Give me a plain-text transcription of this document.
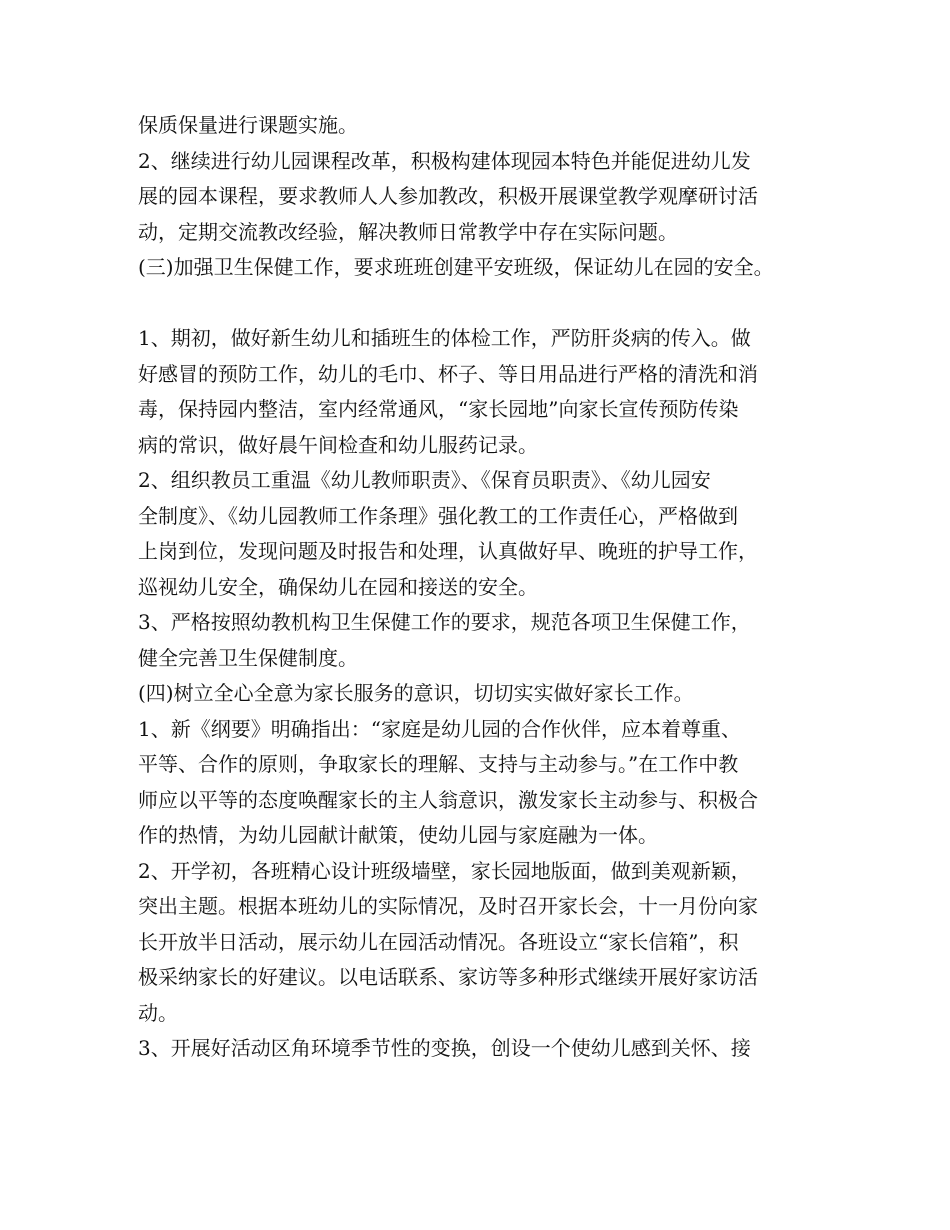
保质保量进行课题实施。
2、继续进行幼儿园课程改革，积极构建体现园本特色并能促进幼儿发
展的园本课程，要求教师人人参加教改，积极开展课堂教学观摩研讨活
动，定期交流教改经验，解决教师日常教学中存在实际问题。
(三)加强卫生保健工作，要求班班创建平安班级，保证幼儿在园的安全。
1、期初，做好新生幼儿和插班生的体检工作，严防肝炎病的传入。做
好感冒的预防工作，幼儿的毛巾、杯子、等日用品进行严格的清洗和消
毒，保持园内整洁，室内经常通风，“家长园地”向家长宣传预防传染
病的常识，做好晨午间检查和幼儿服药记录。
2、组织教员工重温《幼儿教师职责》、《保育员职责》、《幼儿园安
全制度》、《幼儿园教师工作条理》强化教工的工作责任心，严格做到
上岗到位，发现问题及时报告和处理，认真做好早、晚班的护导工作，
巡视幼儿安全，确保幼儿在园和接送的安全。
3、严格按照幼教机构卫生保健工作的要求，规范各项卫生保健工作，
健全完善卫生保健制度。
(四)树立全心全意为家长服务的意识，切切实实做好家长工作。
1、新《纲要》明确指出：“家庭是幼儿园的合作伙伴，应本着尊重、
平等、合作的原则，争取家长的理解、支持与主动参与。”在工作中教
师应以平等的态度唤醒家长的主人翁意识，激发家长主动参与、积极合
作的热情，为幼儿园献计献策，使幼儿园与家庭融为一体。
2、开学初，各班精心设计班级墙壁，家长园地版面，做到美观新颖，
突出主题。根据本班幼儿的实际情况，及时召开家长会，十一月份向家
长开放半日活动，展示幼儿在园活动情况。各班设立“家长信箱”，积
极采纳家长的好建议。以电话联系、家访等多种形式继续开展好家访活
动。
3、开展好活动区角环境季节性的变换，创设一个使幼儿感到关怀、接
